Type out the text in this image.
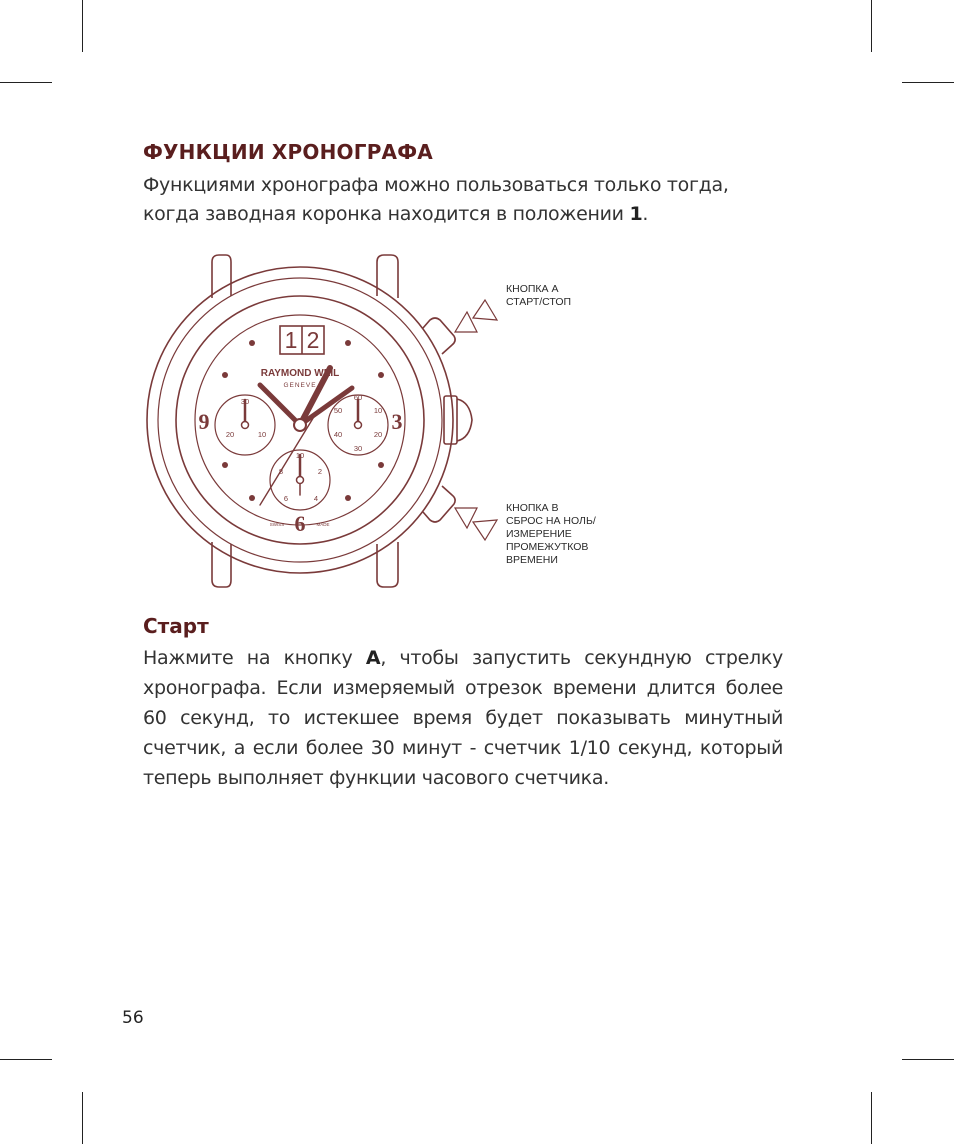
ФУНКЦИИ ХРОНОГРАФА

Функциями хронографа можно пользоваться только тогда, когда заводная коронка находится в положении 1.

1 2
RAYMOND WEIL
GENEVE
9	3
6
30
20	10
60
50	10
40	20
30
10
8	2
6	4
SWISS	MADE
КНОПКА A
СТАРТ/СТОП
КНОПКА B
СБРОС НА НОЛЬ/
ИЗМЕРЕНИЕ
ПРОМЕЖУТКОВ
ВРЕМЕНИ
Старт

Нажмите на кнопку A, чтобы запустить секундную стрелку хронографа. Если измеряемый отрезок времени длится более 60 секунд, то истекшее время будет показывать минутный счетчик, а если более 30 минут - счетчик 1/10 секунд, который теперь выполняет функции часового счетчика.

56
